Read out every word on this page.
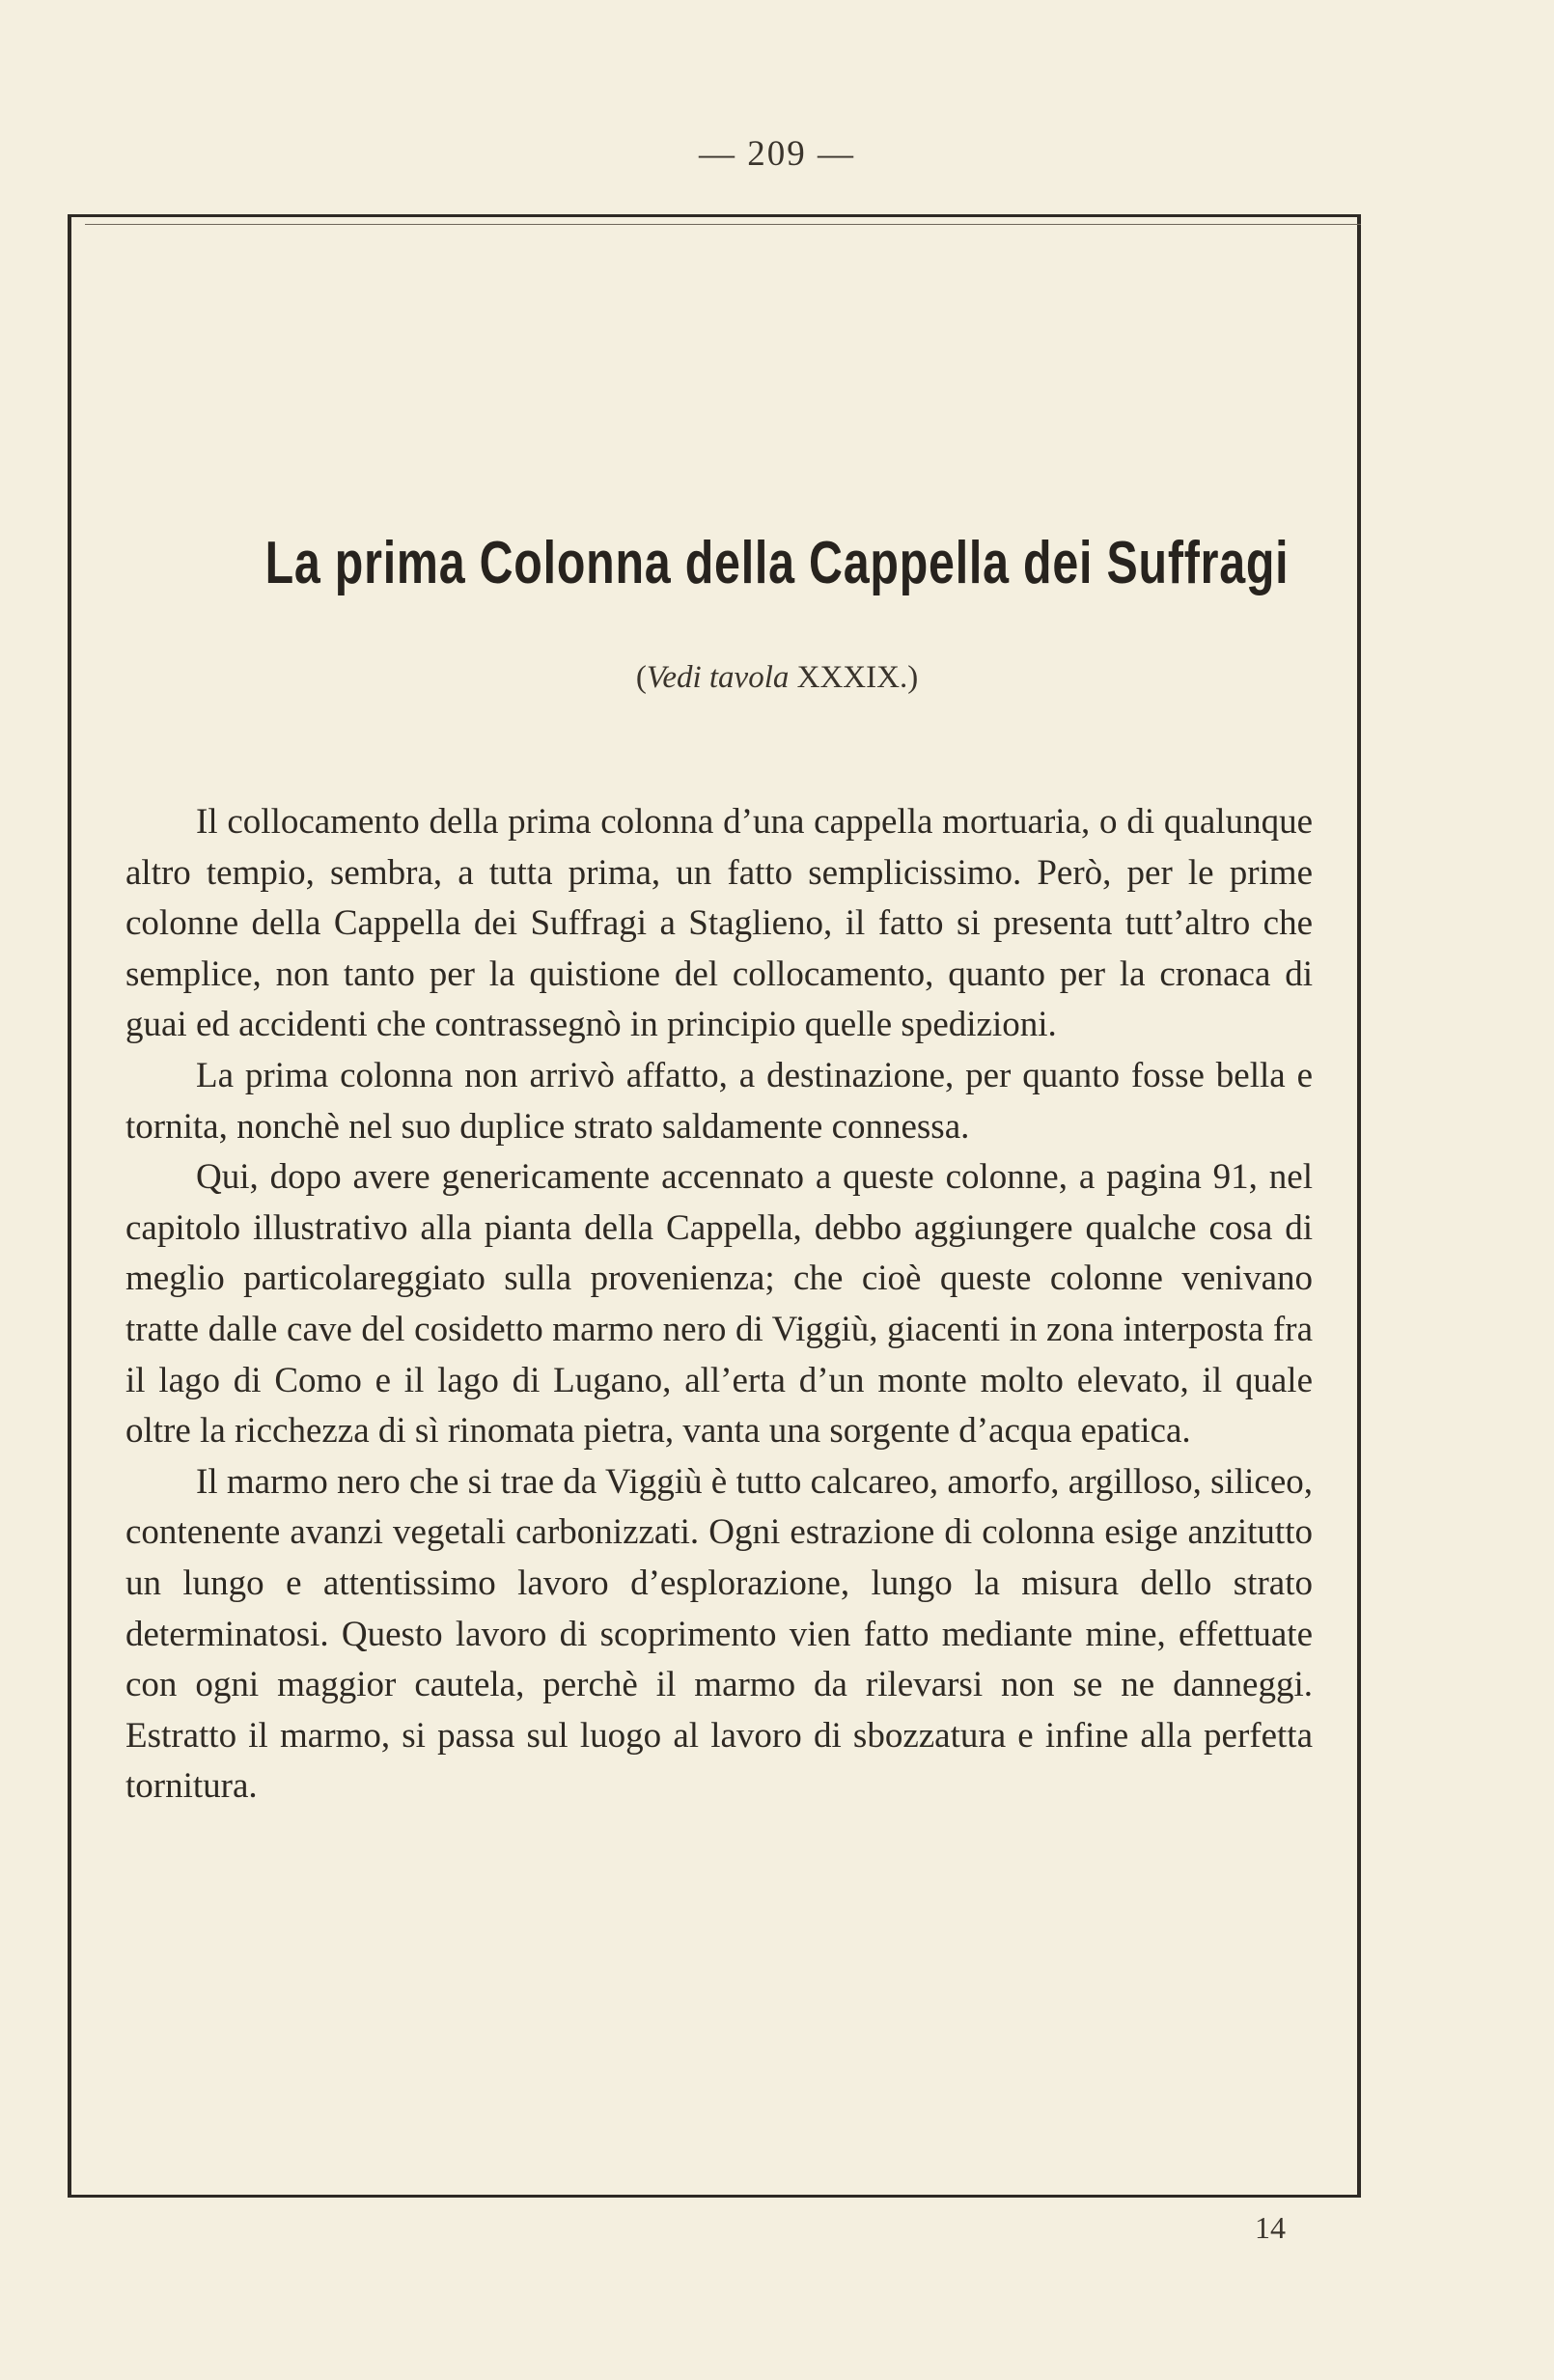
— 209 —
La prima Colonna della Cappella dei Suffragi
(Vedi tavola XXXIX.)

Il collocamento della prima colonna d’una cappella mortuaria, o di qualunque altro tempio, sembra, a tutta prima, un fatto semplicissimo. Però, per le prime colonne della Cappella dei Suffragi a Staglieno, il fatto si presenta tutt’altro che semplice, non tanto per la quistione del collocamento, quanto per la cronaca di guai ed accidenti che contrassegnò in principio quelle spedizioni.

La prima colonna non arrivò affatto, a destinazione, per quanto fosse bella e tornita, nonchè nel suo duplice strato saldamente connessa.

Qui, dopo avere genericamente accennato a queste colonne, a pagina 91, nel capitolo illustrativo alla pianta della Cappella, debbo aggiungere qualche cosa di meglio particolareggiato sulla provenienza; che cioè queste colonne venivano tratte dalle cave del cosidetto marmo nero di Viggiù, giacenti in zona interposta fra il lago di Como e il lago di Lugano, all’erta d’un monte molto elevato, il quale oltre la ricchezza di sì rinomata pietra, vanta una sorgente d’acqua epatica.

Il marmo nero che si trae da Viggiù è tutto calcareo, amorfo, argilloso, siliceo, contenente avanzi vegetali carbonizzati. Ogni estrazione di colonna esige anzitutto un lungo e attentissimo lavoro d’esplorazione, lungo la misura dello strato determinatosi. Questo lavoro di scoprimento vien fatto mediante mine, effettuate con ogni maggior cautela, perchè il marmo da rilevarsi non se ne danneggi. Estratto il marmo, si passa sul luogo al lavoro di sbozzatura e infine alla perfetta tornitura.

14
